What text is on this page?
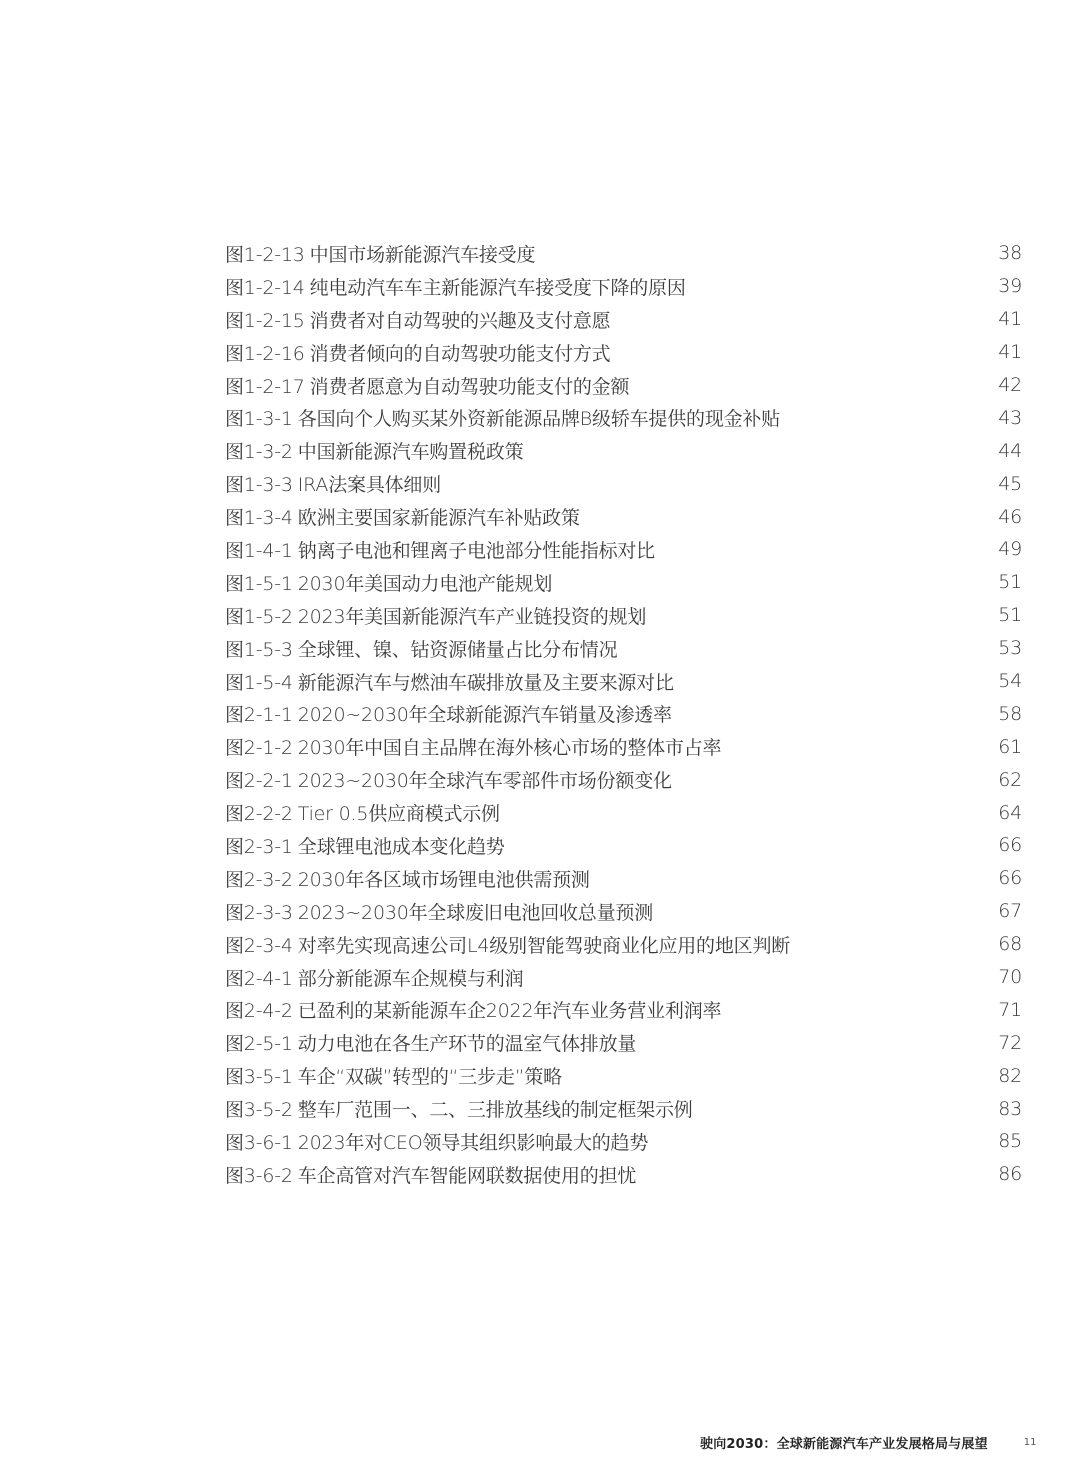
图1-2-13 中国市场新能源汽车接受度	38
图1-2-14 纯电动汽车车主新能源汽车接受度下降的原因	39
图1-2-15 消费者对自动驾驶的兴趣及支付意愿	41
图1-2-16 消费者倾向的自动驾驶功能支付方式	41
图1-2-17 消费者愿意为自动驾驶功能支付的金额	42
图1-3-1 各国向个人购买某外资新能源品牌B级轿车提供的现金补贴	43
图1-3-2 中国新能源汽车购置税政策	44
图1-3-3 IRA法案具体细则	45
图1-3-4 欧洲主要国家新能源汽车补贴政策	46
图1-4-1 钠离子电池和锂离子电池部分性能指标对比	49
图1-5-1 2030年美国动力电池产能规划	51
图1-5-2 2023年美国新能源汽车产业链投资的规划	51
图1-5-3 全球锂、镍、钴资源储量占比分布情况	53
图1-5-4 新能源汽车与燃油车碳排放量及主要来源对比	54
图2-1-1 2020~2030年全球新能源汽车销量及渗透率	58
图2-1-2 2030年中国自主品牌在海外核心市场的整体市占率	61
图2-2-1 2023~2030年全球汽车零部件市场份额变化	62
图2-2-2 Tier 0.5供应商模式示例	64
图2-3-1 全球锂电池成本变化趋势	66
图2-3-2 2030年各区域市场锂电池供需预测	66
图2-3-3 2023~2030年全球废旧电池回收总量预测	67
图2-3-4 对率先实现高速公司L4级别智能驾驶商业化应用的地区判断	68
图2-4-1 部分新能源车企规模与利润	70
图2-4-2 已盈利的某新能源车企2022年汽车业务营业利润率	71
图2-5-1 动力电池在各生产环节的温室气体排放量	72
图3-5-1 车企“双碳”转型的“三步走”策略	82
图3-5-2 整车厂范围一、二、三排放基线的制定框架示例	83
图3-6-1 2023年对CEO领导其组织影响最大的趋势	85
图3-6-2 车企高管对汽车智能网联数据使用的担忧	86
驶向2030：全球新能源汽车产业发展格局与展望	11
